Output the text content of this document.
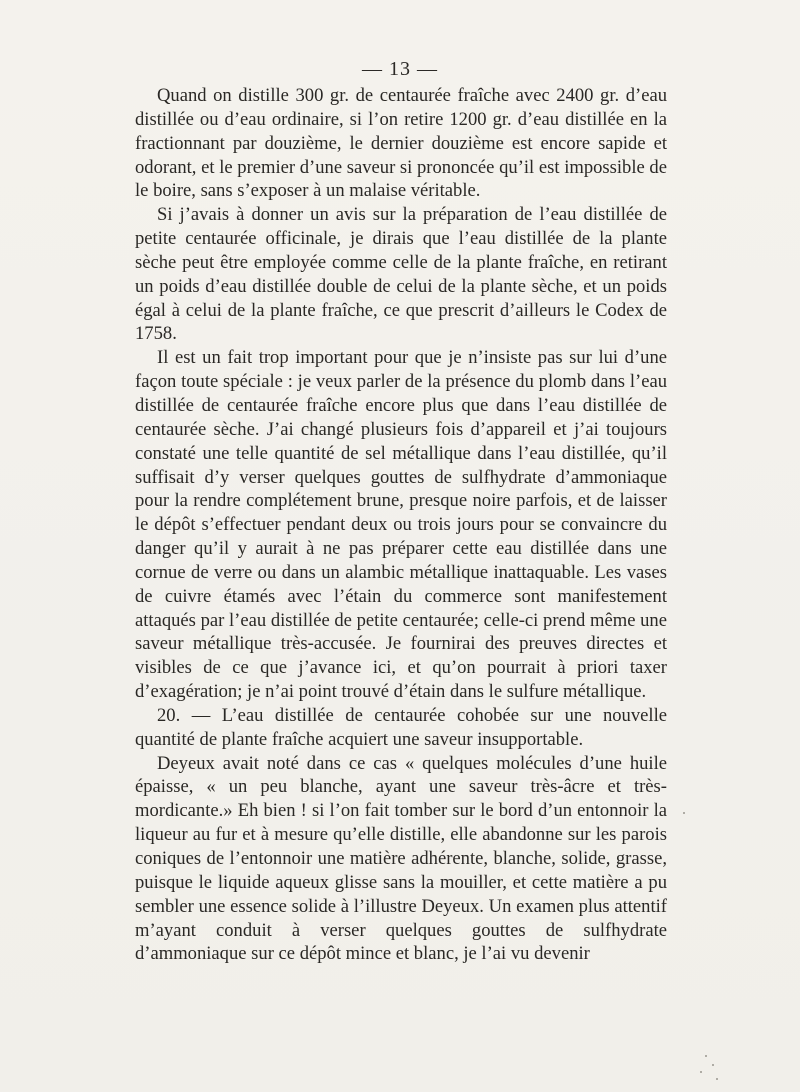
— 13 —

Quand on distille 300 gr. de centaurée fraîche avec 2400 gr. d’eau distillée ou d’eau ordinaire, si l’on retire 1200 gr. d’eau distillée en la fractionnant par douzième, le dernier douzième est encore sapide et odorant, et le premier d’une saveur si prononcée qu’il est impossible de le boire, sans s’exposer à un malaise véritable.

Si j’avais à donner un avis sur la préparation de l’eau distillée de petite centaurée officinale, je dirais que l’eau distillée de la plante sèche peut être employée comme celle de la plante fraîche, en retirant un poids d’eau distillée double de celui de la plante sèche, et un poids égal à celui de la plante fraîche, ce que prescrit d’ailleurs le Codex de 1758.

Il est un fait trop important pour que je n’insiste pas sur lui d’une façon toute spéciale : je veux parler de la présence du plomb dans l’eau distillée de centaurée fraîche encore plus que dans l’eau distillée de centaurée sèche. J’ai changé plusieurs fois d’appareil et j’ai toujours constaté une telle quantité de sel métallique dans l’eau distillée, qu’il suffisait d’y verser quelques gouttes de sulfhydrate d’ammoniaque pour la rendre complétement brune, presque noire parfois, et de laisser le dépôt s’effectuer pendant deux ou trois jours pour se convaincre du danger qu’il y aurait à ne pas préparer cette eau distillée dans une cornue de verre ou dans un alambic métallique inattaquable. Les vases de cuivre étamés avec l’étain du commerce sont manifestement attaqués par l’eau distillée de petite centaurée; celle-ci prend même une saveur métallique très-accusée. Je fournirai des preuves directes et visibles de ce que j’avance ici, et qu’on pourrait à priori taxer d’exagération; je n’ai point trouvé d’étain dans le sulfure métallique.

20. — L’eau distillée de centaurée cohobée sur une nouvelle quantité de plante fraîche acquiert une saveur insupportable.

Deyeux avait noté dans ce cas « quelques molécules d’une huile épaisse, « un peu blanche, ayant une saveur très-âcre et très-mordicante.» Eh bien ! si l’on fait tomber sur le bord d’un entonnoir la liqueur au fur et à mesure qu’elle distille, elle abandonne sur les parois coniques de l’entonnoir une matière adhérente, blanche, solide, grasse, puisque le liquide aqueux glisse sans la mouiller, et cette matière a pu sembler une essence solide à l’illustre Deyeux. Un examen plus attentif m’ayant conduit à verser quelques gouttes de sulfhydrate d’ammoniaque sur ce dépôt mince et blanc, je l’ai vu devenir
